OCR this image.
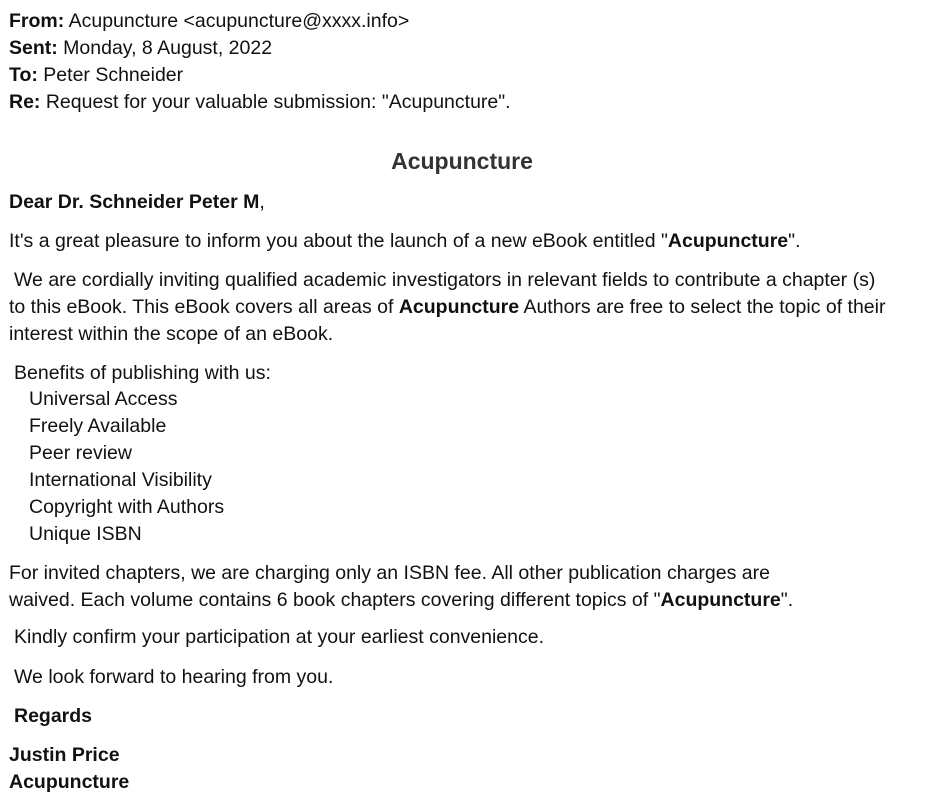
From: Acupuncture <acupuncture@xxxx.info>
Sent: Monday, 8 August, 2022
To: Peter Schneider
Re: Request for your valuable submission: "Acupuncture".
Acupuncture
Dear Dr. Schneider Peter M,
It's a great pleasure to inform you about the launch of a new eBook entitled "Acupuncture".
We are cordially inviting qualified academic investigators in relevant fields to contribute a chapter (s)
to this eBook. This eBook covers all areas of Acupuncture Authors are free to select the topic of their
interest within the scope of an eBook.
Benefits of publishing with us:
Universal Access
Freely Available
Peer review
International Visibility
Copyright with Authors
Unique ISBN
For invited chapters, we are charging only an ISBN fee. All other publication charges are
waived. Each volume contains 6 book chapters covering different topics of "Acupuncture".
Kindly confirm your participation at your earliest convenience.
We look forward to hearing from you.
Regards
Justin Price
Acupuncture
